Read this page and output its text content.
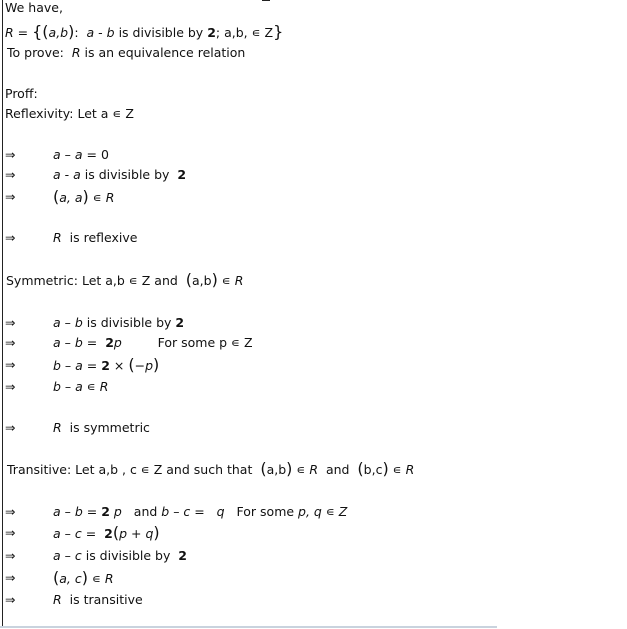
We have,
R = {(a,b):  a - b is divisible by 2; a,b, ∊ Z}
To prove:  R is an equivalence relation
Proff:
Reflexivity: Let a ∊ Z
⇒	a – a = 0
⇒	a - a is divisible by  2
⇒ (a, a) ∊ R
⇒	R  is reflexive
Symmetric: Let a,b ∊ Z and  (a,b) ∊ R
⇒	a – b is divisible by 2
⇒	a – b =  2p         For some p ∊ Z
⇒	b – a = 2 × (−p)
⇒	b – a ∊ R
⇒	R  is symmetric
Transitive: Let a,b , c ∊ Z and such that  (a,b) ∊ R  and  (b,c) ∊ R
⇒	a – b = 2 p   and b – c =   q   For some p, q ∊ Z
⇒	a – c =  2(p + q)
⇒	a – c is divisible by  2
⇒ (a, c) ∊ R
⇒	R  is transitive
